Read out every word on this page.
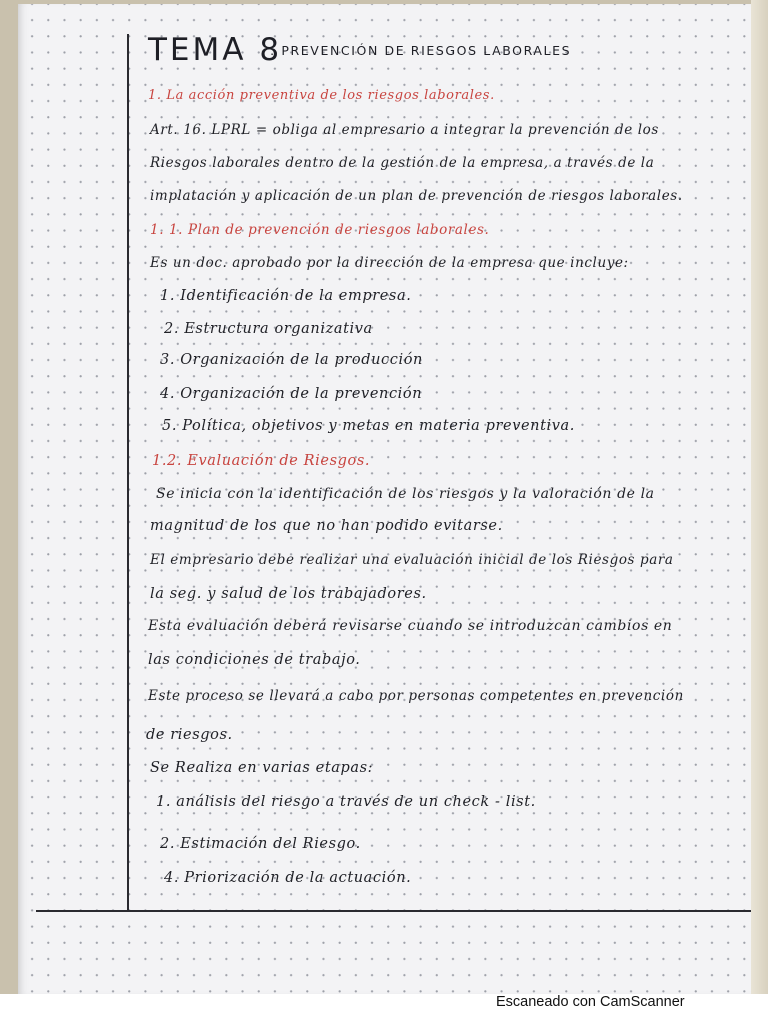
TEMA 8
: PREVENCIÓN DE RIESGOS LABORALES
1. La acción preventiva de los riesgos laborales.
Art. 16. LPRL = obliga al empresario a integrar la prevención de los
Riesgos laborales dentro de la gestión de la empresa, a través de la
implatación y aplicación de un plan de prevención de riesgos laborales.
1. 1. Plan de prevención de riesgos laborales.
Es un doc. aprobado por la dirección de la empresa que incluye:
1. Identificación de la empresa.
2. Estructura organizativa
3. Organización de la producción
4. Organización de la prevención
5. Política, objetivos y metas en materia preventiva.
1.2. Evaluación de Riesgos.
Se inicia con la identificación de los riesgos y la valoración de la
magnitud de los que no han podido evitarse.
El empresario debe realizar una evaluación inicial de los Riesgos para
la seg. y salud de los trabajadores.
Esta evaluación deberá revisarse cuando se introduzcan cambios en
las condiciones de trabajo.
Este proceso se llevará a cabo por personas competentes en prevención
de riesgos.
Se Realiza en varias etapas:
1. análisis del riesgo a través de un check - list.
2. Estimación del Riesgo.
4. Priorización de la actuación.
Escaneado con CamScanner
